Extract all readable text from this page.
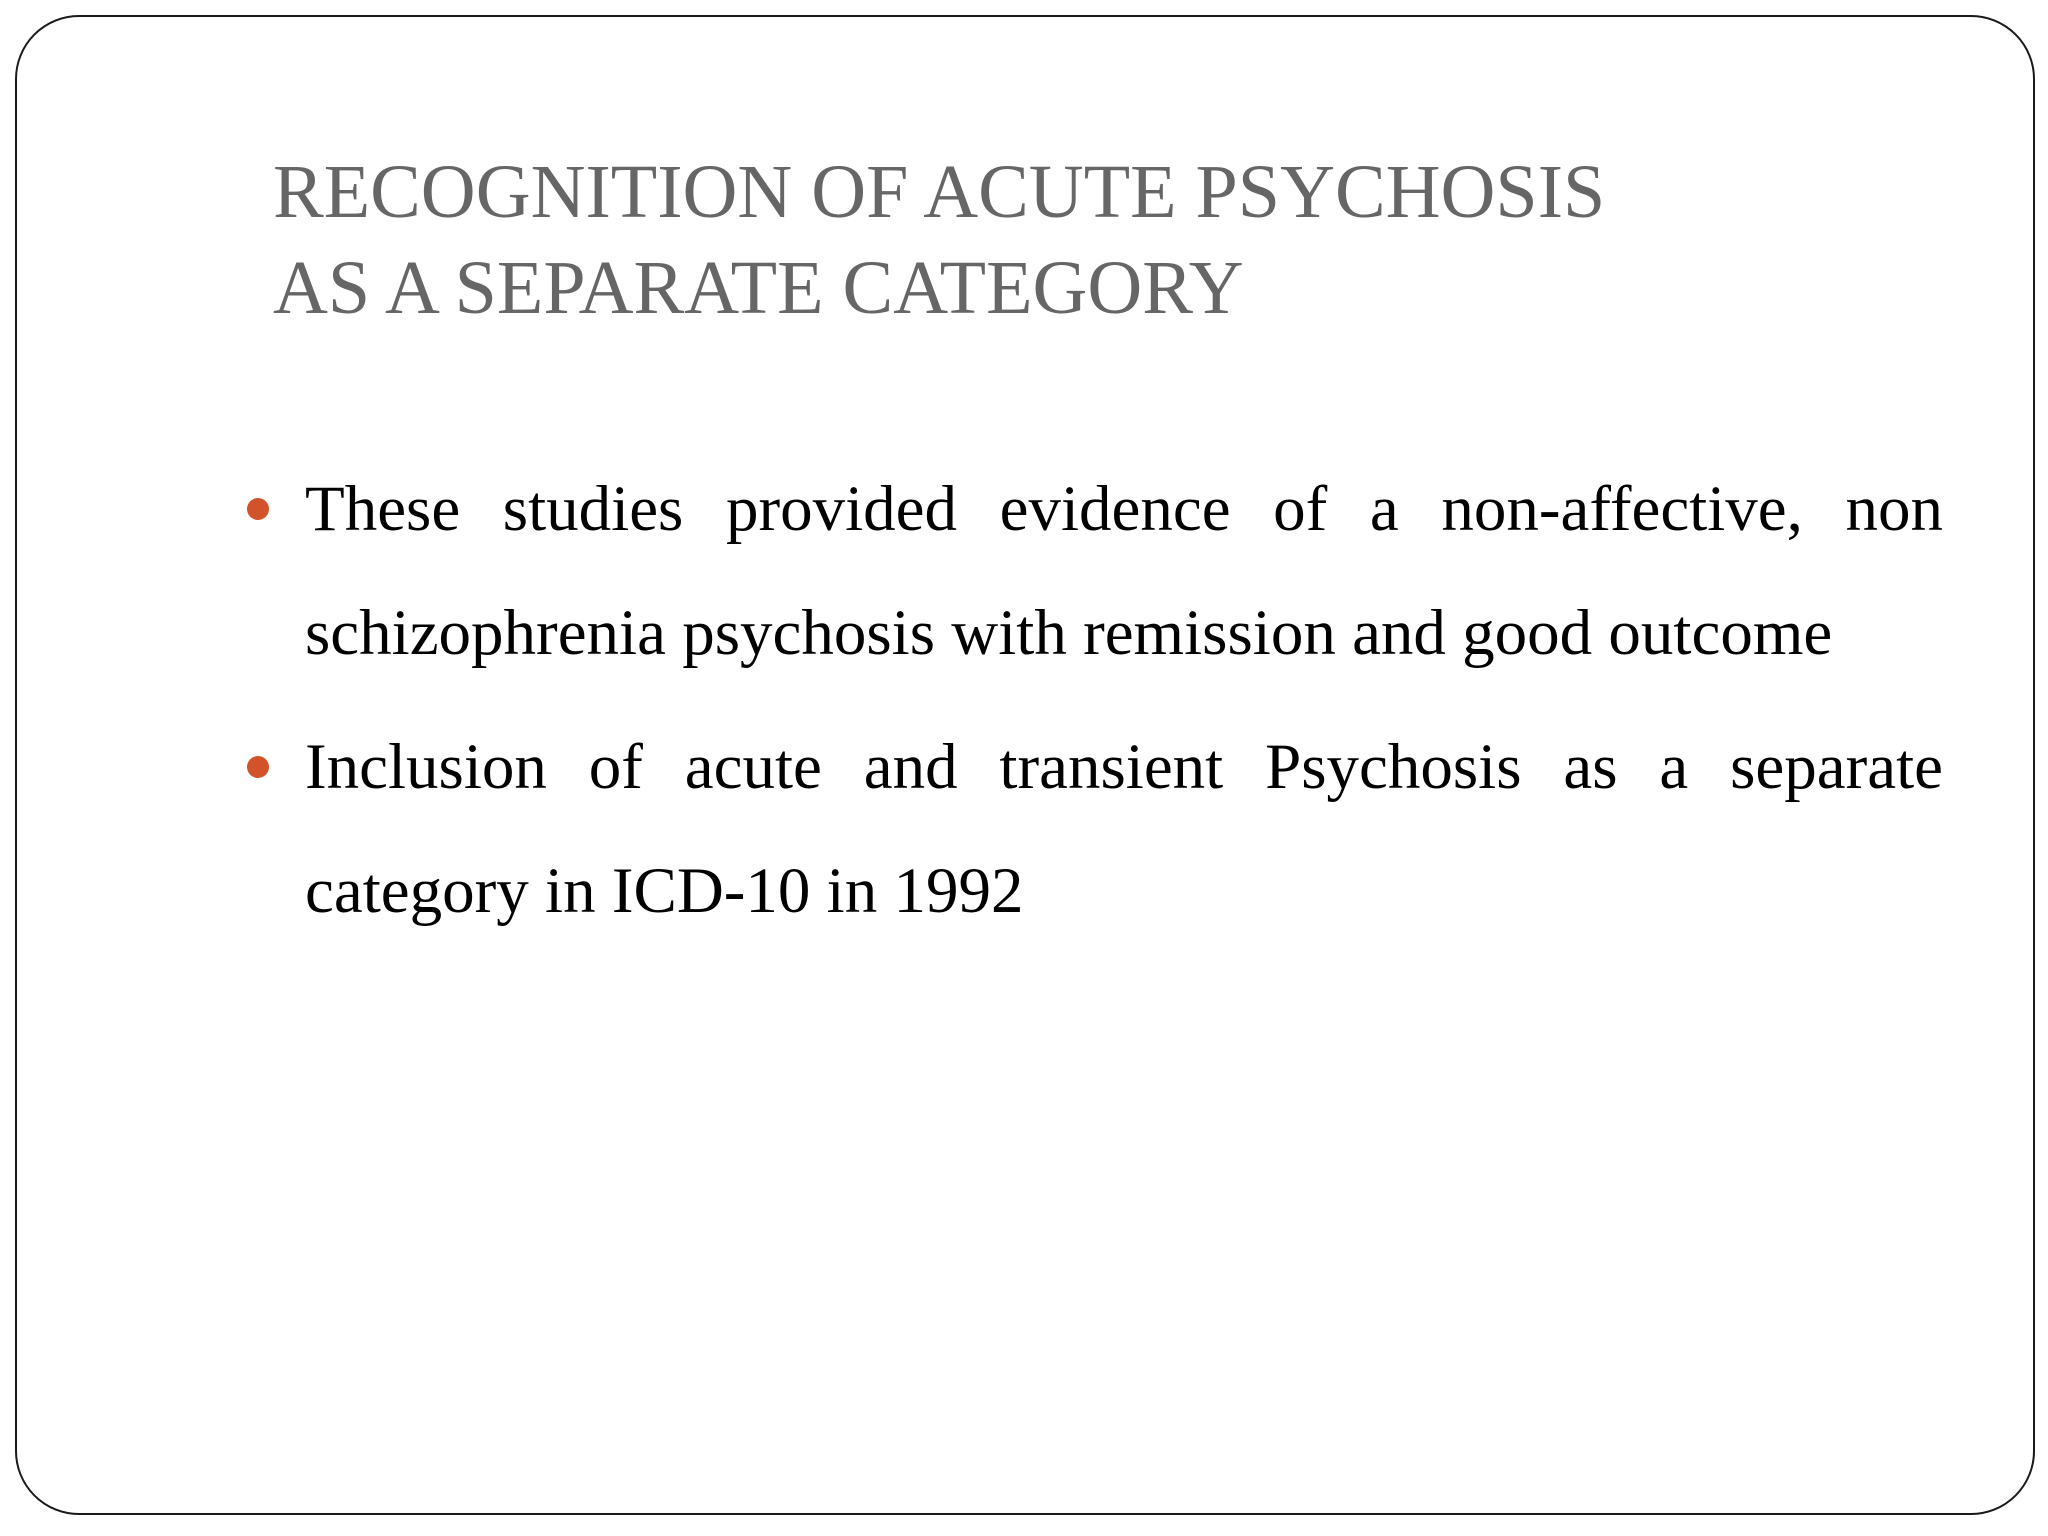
RECOGNITION OF ACUTE PSYCHOSIS
AS A SEPARATE CATEGORY
These studies provided evidence of a non-affective, non schizophrenia psychosis with remission and good outcome
Inclusion of acute and transient Psychosis as a separate category in ICD-10 in 1992
